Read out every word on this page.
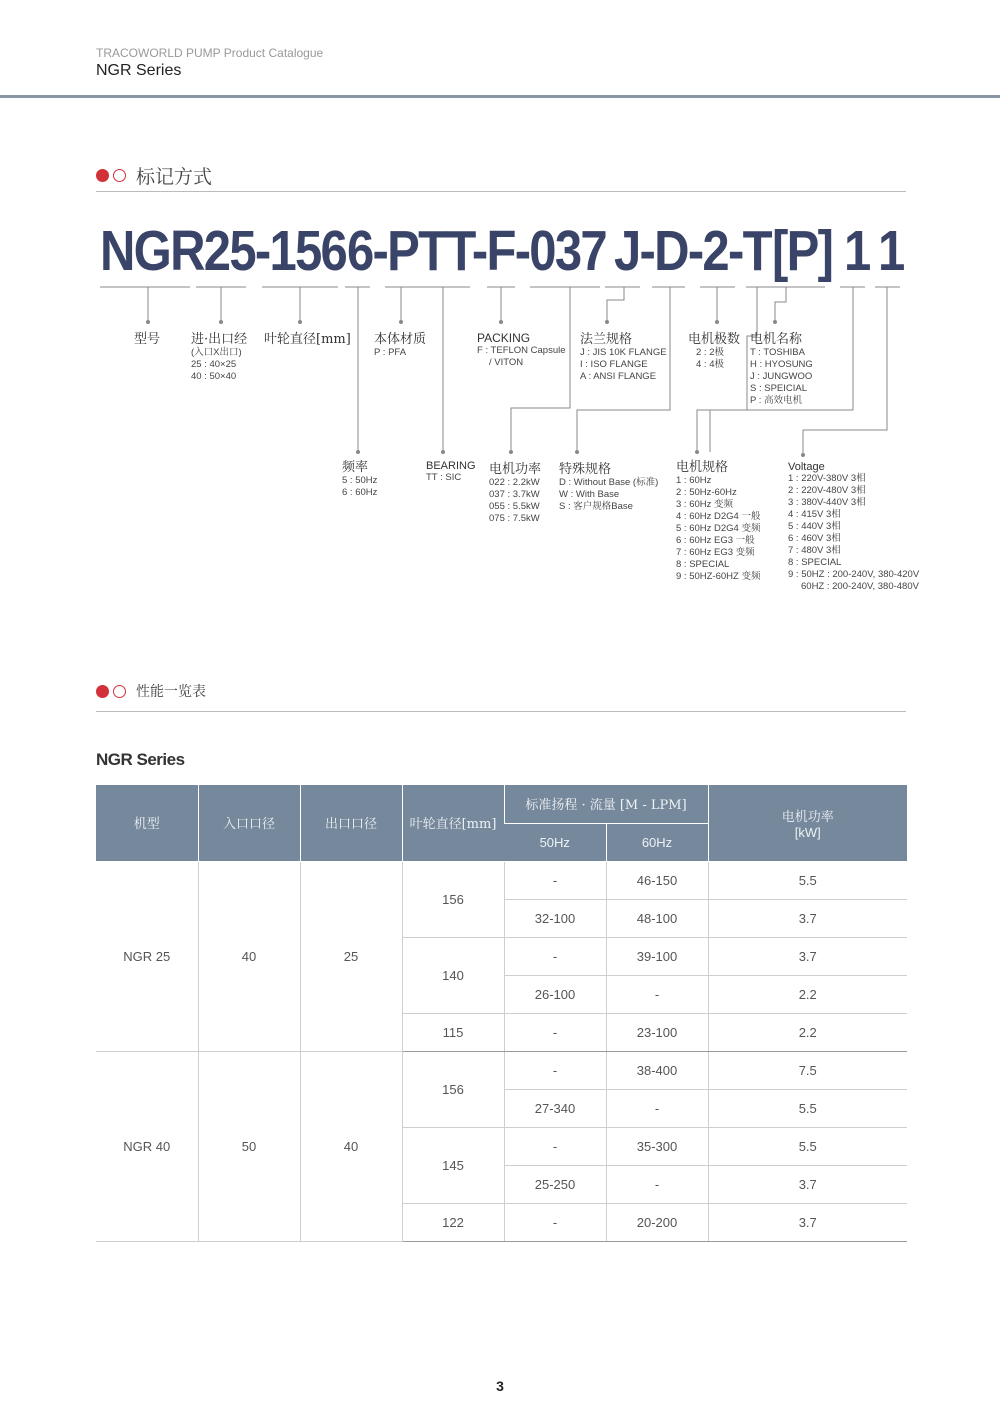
TRACOWORLD PUMP Product Catalogue
NGR Series
标记方式
NGR25-156 6-PTT-F-037 J-D-2-T [P] 1 1
型号 进·出口经
(入口X出口)
25 : 40×25
40 : 50×40
叶轮直径[mm] 本体材质
P : PFA
PACKING
F : TEFLON Capsule
/ VITON
法兰规格
J : JIS 10K FLANGE
I : ISO FLANGE
A : ANSI FLANGE
电机极数
2 : 2极
4 : 4极
电机名称
T : TOSHIBA
H : HYOSUNG
J : JUNGWOO
S : SPEICIAL
P : 高效电机
频率
5 : 50Hz
6 : 60Hz
BEARING
TT : SIC
电机功率
022 : 2.2kW
037 : 3.7kW
055 : 5.5kW
075 : 7.5kW
特殊规格
D : Without Base (标准)
W : With Base
S : 客户规格Base
电机规格
1 : 60Hz
2 : 50Hz-60Hz
3 : 60Hz 变频
4 : 60Hz D2G4 一般
5 : 60Hz D2G4 变频
6 : 60Hz EG3 一般
7 : 60Hz EG3 变频
8 : SPECIAL
9 : 50HZ-60HZ 变频
Voltage
1 : 220V-380V 3相
2 : 220V-480V 3相
3 : 380V-440V 3相
4 : 415V 3相
5 : 440V 3相
6 : 460V 3相
7 : 480V 3相
8 : SPECIAL
9 : 50HZ : 200-240V, 380-420V
60HZ : 200-240V, 380-480V
性能一览表
NGR Series
机型	入口口径	出口口径	叶轮直径[mm]	标准扬程 · 流量 [M - LPM]		电机功率
[kW]

				50Hz	60Hz	
NGR 25	40	25	156	-	46-150	5.5
				32-100	48-100	3.7
			140	-	39-100	3.7
				26-100	-	2.2
			115	-	23-100	2.2
NGR 40	50	40	156	-	38-400	7.5
				27-340	-	5.5
			145	-	35-300	5.5
				25-250	-	3.7
			122	-	20-200	3.7
3
